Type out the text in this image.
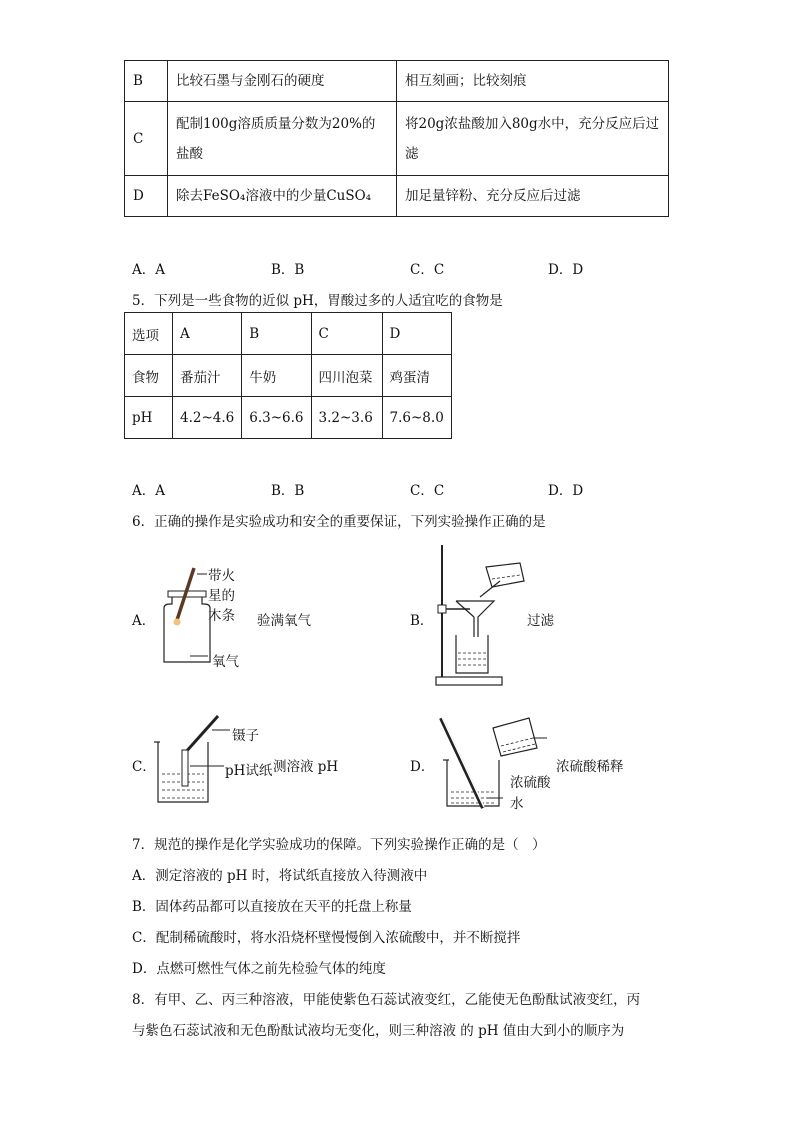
B	比较石墨与金刚石的硬度	相互刻画；比较刻痕
C	配制100g溶质质量分数为20%的盐酸	将20g浓盐酸加入80g水中，充分反应后过滤
D	除去FeSO₄溶液中的少量CuSO₄	加足量锌粉、充分反应后过滤
A．A	B．B	C．C	D．D
5．下列是一些食物的近似 pH，胃酸过多的人适宜吃的食物是
选项	A	B	C	D
食物	番茄汁	牛奶	四川泡菜	鸡蛋清
pH	4.2~4.6	6.3~6.6	3.2~3.6	7.6~8.0
A．A	B．B	C．C	D．D
6．正确的操作是实验成功和安全的重要保证，下列实验操作正确的是
A．
带火
星的
木条
氧气
验满氧气	B．	过滤
C．
镊子
pH试纸 测溶液 pH	D．
浓硫酸
水
浓硫酸稀释
7．规范的操作是化学实验成功的保障。下列实验操作正确的是（　）
A．测定溶液的 pH 时，将试纸直接放入待测液中
B．固体药品都可以直接放在天平的托盘上称量
C．配制稀硫酸时，将水沿烧杯壁慢慢倒入浓硫酸中，并不断搅拌
D．点燃可燃性气体之前先检验气体的纯度
8．有甲、乙、丙三种溶液，甲能使紫色石蕊试液变红，乙能使无色酚酞试液变红，丙
与紫色石蕊试液和无色酚酞试液均无变化，则三种溶液 的 pH 值由大到小的顺序为
